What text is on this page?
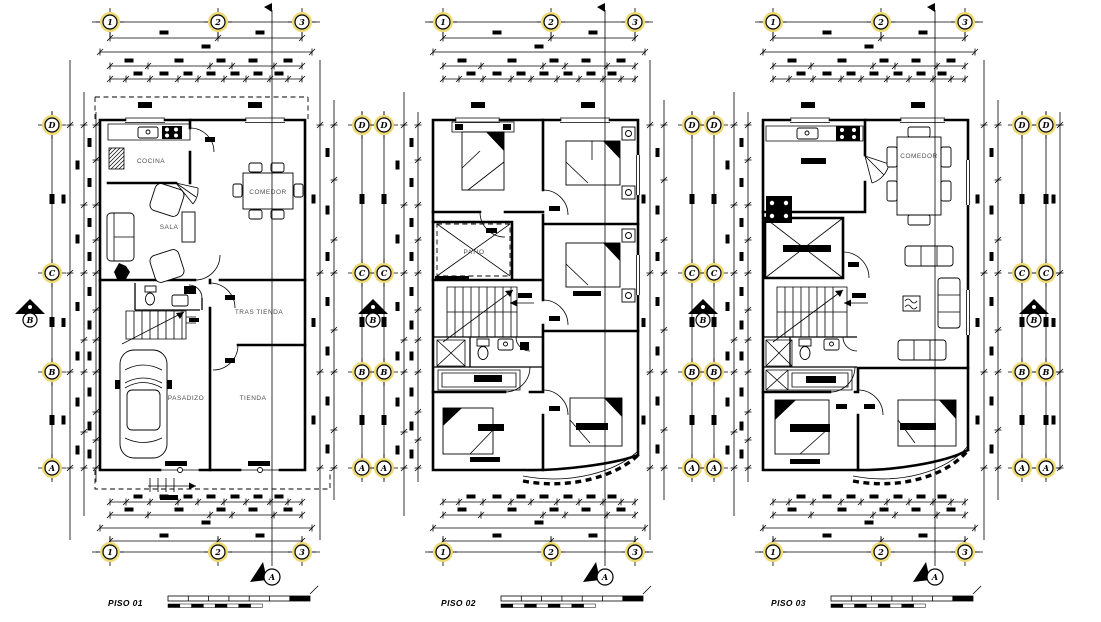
COCINA
COMEDOR
SALA
TRAS TIENDA
PASADIZO	TIENDA
PATIO
COMEDOR
PISO 01	PISO 02	PISO 03
1
1
2
2
3
3
A
1
1
2
2
3
3
A
1
1
2
2
3
3
A
D
C
B
A
D
C
B
A
D
C
B
A
D
C
B
A
D
C
B
A
D
C
B
A
D
C
B
A
B	B	B	B
